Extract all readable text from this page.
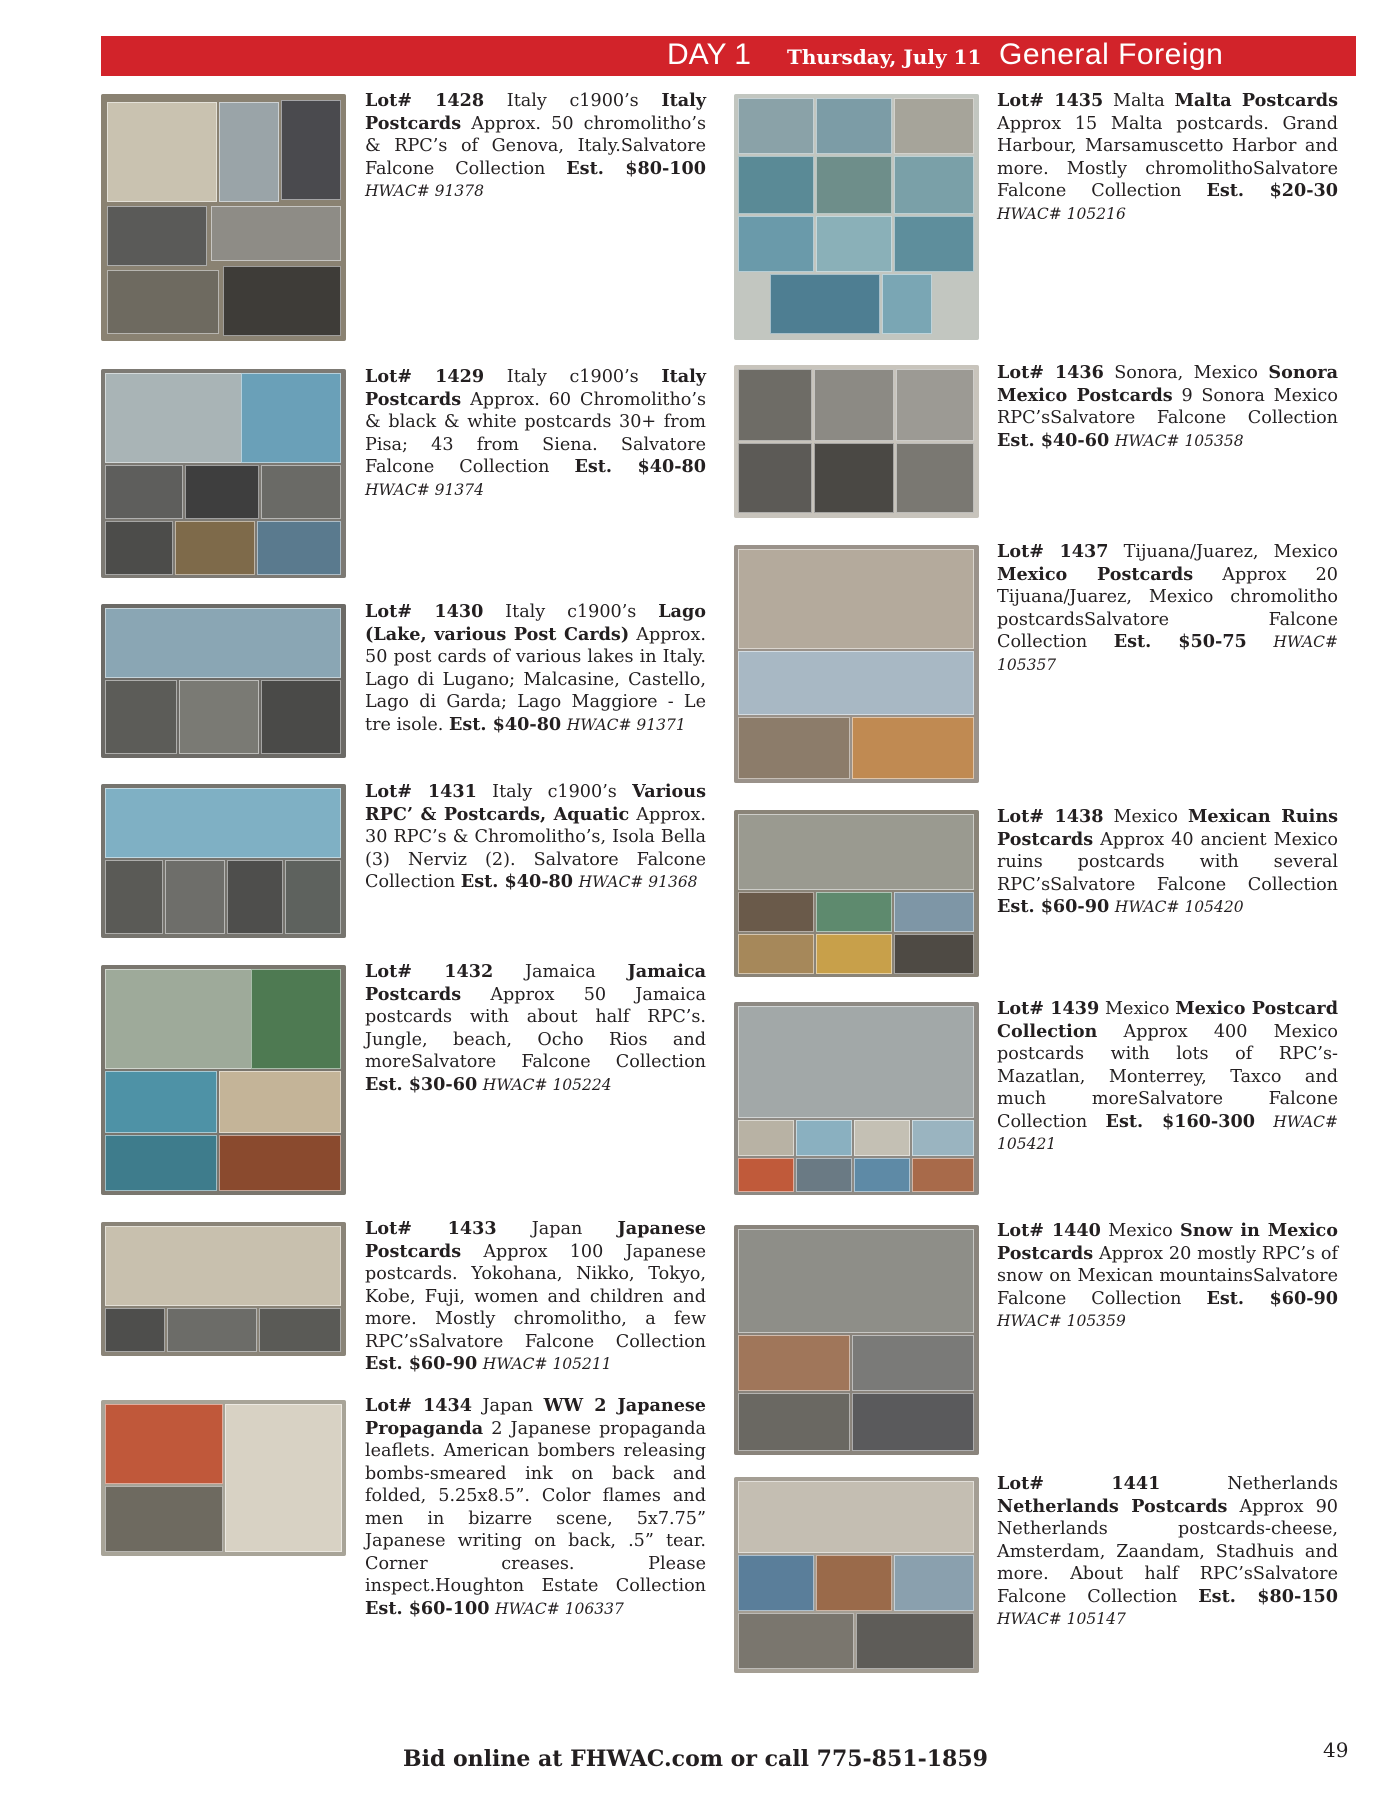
DAY 1 Thursday, July 11 General Foreign
Lot# 1428 Italy c1900’s Italy Postcards Approx. 50 chromolitho’s & RPC’s of Genova, Italy.Salvatore Falcone Collection Est. $80-100 HWAC# 91378
Lot# 1429 Italy c1900’s Italy Postcards Approx. 60 Chromolitho’s & black & white postcards 30+ from Pisa; 43 from Siena. Salvatore Falcone Collection Est. $40-80 HWAC# 91374
Lot# 1430 Italy c1900’s Lago (Lake, various Post Cards) Approx. 50 post cards of various lakes in Italy. Lago di Lugano; Malcasine, Castello, Lago di Garda; Lago Maggiore - Le tre isole. Est. $40-80 HWAC# 91371
Lot# 1431 Italy c1900’s Various RPC’ & Postcards, Aquatic Approx. 30 RPC’s & Chromolitho’s, Isola Bella (3) Nerviz (2). Salvatore Falcone Collection Est. $40-80 HWAC# 91368
Lot# 1432 Jamaica Jamaica Postcards Approx 50 Jamaica postcards with about half RPC’s. Jungle, beach, Ocho Rios and moreSalvatore Falcone Collection Est. $30-60 HWAC# 105224
Lot# 1433 Japan Japanese Postcards Approx 100 Japanese postcards. Yokohana, Nikko, Tokyo, Kobe, Fuji, women and children and more. Mostly chromolitho, a few RPC’sSalvatore Falcone Collection Est. $60-90 HWAC# 105211
Lot# 1434 Japan WW 2 Japanese Propaganda 2 Japanese propaganda leaflets. American bombers releasing bombs-smeared ink on back and folded, 5.25x8.5”. Color flames and men in bizarre scene, 5x7.75” Japanese writing on back, .5” tear. Corner creases. Please inspect.Houghton Estate Collection Est. $60-100 HWAC# 106337
Lot# 1435 Malta Malta Postcards Approx 15 Malta postcards. Grand Harbour, Marsamuscetto Harbor and more. Mostly chromolithoSalvatore Falcone Collection Est. $20-30 HWAC# 105216
Lot# 1436 Sonora, Mexico Sonora Mexico Postcards 9 Sonora Mexico RPC’sSalvatore Falcone Collection Est. $40-60 HWAC# 105358
Lot# 1437 Tijuana/Juarez, Mexico Mexico Postcards Approx 20 Tijuana/Juarez, Mexico chromolitho postcardsSalvatore Falcone Collection Est. $50-75 HWAC# 105357
Lot# 1438 Mexico Mexican Ruins Postcards Approx 40 ancient Mexico ruins postcards with several RPC’sSalvatore Falcone Collection Est. $60-90 HWAC# 105420
Lot# 1439 Mexico Mexico Postcard Collection Approx 400 Mexico postcards with lots of RPC’s- Mazatlan, Monterrey, Taxco and much moreSalvatore Falcone Collection Est. $160-300 HWAC# 105421
Lot# 1440 Mexico Snow in Mexico Postcards Approx 20 mostly RPC’s of snow on Mexican mountainsSalvatore Falcone Collection Est. $60-90 HWAC# 105359
Lot# 1441	Netherlands Netherlands Postcards Approx 90 Netherlands postcards-cheese, Amsterdam, Zaandam, Stadhuis and more. About half RPC’sSalvatore Falcone Collection Est. $80-150 HWAC# 105147
Bid online at FHWAC.com or call 775-851-1859	49
